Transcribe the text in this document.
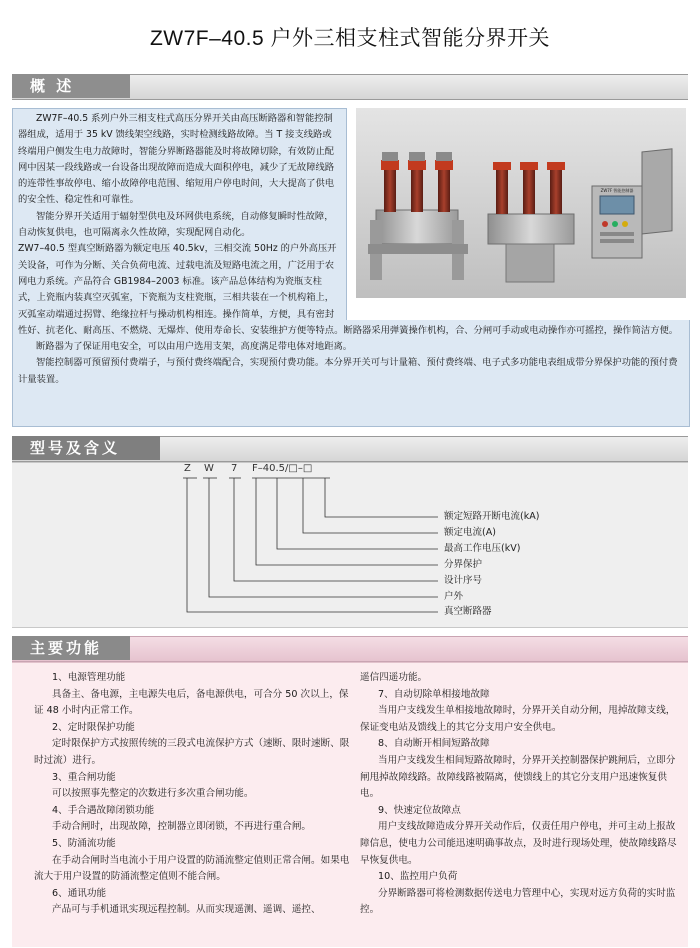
ZW7F–40.5 户外三相支柱式智能分界开关
概 述

ZW7F–40.5 系列户外三相支柱式高压分界开关由高压断路器和智能控制器组成，适用于 35 kV 馈线架空线路，实时检测线路故障。当 T 接支线路或终端用户侧发生电力故障时，智能分界断路器能及时将故障切除，有效防止配网中因某一段线路或一台设备出现故障而造成大面积停电，减少了无故障线路的连带性事故停电、缩小故障停电范围、缩短用户停电时间，大大提高了供电的安全性、稳定性和可靠性。

智能分界开关适用于辐射型供电及环网供电系统，自动修复瞬时性故障，自动恢复供电，也可隔离永久性故障，实现配网自动化。

ZW7–40.5 型真空断路器为额定电压 40.5kv，三相交流 50Hz 的户外高压开关设备，可作为分断、关合负荷电流、过载电流及短路电流之用，广泛用于农网电力系统。产品符合 GB1984–2003 标准。该产品总体结构为瓷瓶支柱式，上瓷瓶内装真空灭弧室，下瓷瓶为支柱瓷瓶，三相共装在一个机构箱上，灭弧室动端通过拐臂、绝缘拉杆与操动机构相连。操作简单，方便，具有密封性好、抗老化、耐高压、不燃烧、无爆炸、使用寿命长、安装维护方便等特点。断路器采用弹簧操作机构，合、分闸可手动或电动操作亦可摇控，操作简洁方便。

断路器为了保证用电安全，可以由用户选用支架，高度满足带电体对地距离。

智能控制器可预留预付费端子，与预付费终端配合，实现预付费功能。本分界开关可与计量箱、预付费终端、电子式多功能电表组成带分界保护功能的预付费计量装置。

ZW7F 智能控制器
型号及含义
Z W 7 F–40.5/□–□
额定短路开断电流(kA)
额定电流(A)
最高工作电压(kV)
分界保护
设计序号
户外
真空断路器
主要功能

1、电源管理功能

具备主、备电源，主电源失电后，备电源供电，可合分 50 次以上，保证 48 小时内正常工作。

2、定时限保护功能

定时限保护方式按照传统的三段式电流保护方式（速断、限时速断、限时过流）进行。

3、重合闸功能

可以按照事先整定的次数进行多次重合闸功能。

4、手合遇故障闭锁功能

手动合闸时，出现故障，控制器立即闭锁，不再进行重合闸。

5、防涌流功能

在手动合闸时当电流小于用户设置的防涌流整定值则正常合闸。如果电流大于用户设置的防涌流整定值则不能合闸。

6、通讯功能

产品可与手机通讯实现远程控制。从而实现遥测、遥调、遥控、

遥信四遥功能。

7、自动切除单相接地故障

当用户支线发生单相接地故障时，分界开关自动分闸，甩掉故障支线，保证变电站及馈线上的其它分支用户安全供电。

8、自动断开相间短路故障

当用户支线发生相间短路故障时，分界开关控制器保护跳闸后，立即分闸甩掉故障线路。故障线路被隔离，使馈线上的其它分支用户迅速恢复供电。

9、快速定位故障点

用户支线故障造成分界开关动作后，仅责任用户停电，并可主动上报故障信息，使电力公司能迅速明确事故点，及时进行现场处理，使故障线路尽早恢复供电。

10、监控用户负荷

分界断路器可将检测数据传送电力管理中心，实现对远方负荷的实时监控。
